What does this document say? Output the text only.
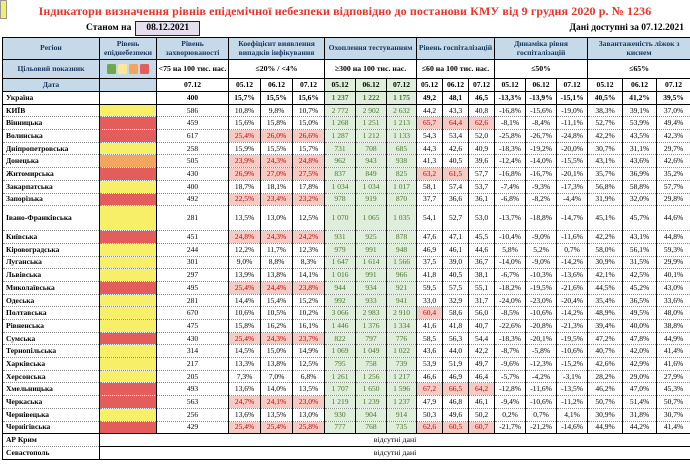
Індикатори визначення рівнів епідемічної небезпеки відповідно до постанови КМУ від 9 грудня 2020 р. № 1236
Станом на	08.12.2021	Дані доступні за 07.12.2021
Регіон	Рівень епіднебезпеки	Рівень захворюваності	Коефіцієнт виявлення випадків інфікування			Охоплення тестуванням			Рівень госпіталізацій			Динаміка рівня госпіталізацій			Завантаженість ліжок з киснем		
Цільовий показник		<75 на 100 тис. нас.	≤20% / <4%			≥300 на 100 тис. нас.			≤60 на 100 тис. нас.			≤50%			≤65%		
Дата		07.12	05.12	06.12	07.12	05.12	06.12	07.12	05.12	06.12	07.12	05.12	06.12	07.12	05.12	06.12	07.12
Україна		400	15,7%	15,5%	15,6%	1 237	1 222	1 175	49,2	48,1	46,5	-13,3%	-13,9%	-15,1%	40,5%	41,2%	39,5%
КИЇВ		586	10,8%	9,8%	10,7%	2 772	2 902	2 632	44,2	43,3	40,8	-16,8%	-15,6%	-19,0%	38,3%	39,1%	37,0%
Вінницька		459	15,6%	15,8%	15,0%	1 268	1 251	1 213	65,7	64,4	62,6	-8,1%	-8,4%	-11,1%	52,7%	53,9%	49,4%
Волинська		617	25,4%	26,0%	26,6%	1 287	1 212	1 133	54,3	53,4	52,0	-25,8%	-26,7%	-24,8%	42,2%	43,5%	42,3%
Дніпропетровська		258	15,9%	15,5%	15,7%	731	708	685	44,3	42,6	40,9	-18,3%	-19,2%	-20,0%	30,7%	31,1%	29,7%
Донецька		505	23,9%	24,3%	24,8%	962	943	938	41,3	40,5	39,6	-12,4%	-14,0%	-15,5%	43,1%	43,6%	42,6%
Житомирська		430	26,9%	27,0%	27,5%	837	849	825	63,2	61,5	57,7	-16,8%	-16,7%	-20,1%	35,7%	36,9%	35,2%
Закарпатська		400	18,7%	18,1%	17,8%	1 034	1 034	1 017	58,1	57,4	53,7	-7,4%	-9,3%	-17,3%	56,8%	58,8%	57,7%
Запорізька		492	22,5%	23,4%	23,2%	978	919	870	37,7	36,6	36,1	-6,8%	-8,2%	-4,4%	31,9%	32,0%	29,8%
Івано-Франківська		281	13,5%	13,0%	12,5%	1 070	1 065	1 035	54,1	52,7	53,0	-13,7%	-18,8%	-14,7%	45,1%	45,7%	44,6%
Київська		451	24,8%	24,3%	24,2%	931	925	878	47,6	47,1	45,5	-10,4%	-9,0%	-11,6%	42,2%	43,1%	44,8%
Кіровоградська		244	12,2%	11,7%	12,3%	979	991	948	46,9	46,1	44,6	5,8%	5,2%	0,7%	58,0%	56,1%	59,3%
Луганська		301	9,0%	8,8%	8,3%	1 647	1 614	1 566	37,5	39,0	36,7	-14,0%	-9,0%	-14,2%	30,9%	31,5%	29,9%
Львівська		297	13,9%	13,8%	14,1%	1 016	991	966	41,8	40,5	38,1	-6,7%	-10,3%	-13,6%	42,1%	42,5%	40,1%
Миколаївська		495	25,4%	24,4%	23,8%	944	934	921	59,5	57,5	55,1	-18,2%	-19,5%	-21,6%	44,5%	45,2%	43,0%
Одеська		281	14,4%	15,4%	15,2%	992	933	941	33,0	32,9	31,7	-24,0%	-23,0%	-20,4%	35,4%	36,5%	33,6%
Полтавська		670	10,6%	10,5%	10,2%	3 066	2 983	2 910	60,4	58,6	56,0	-8,5%	-10,6%	-14,2%	48,9%	49,5%	48,0%
Рівненська		475	15,8%	16,2%	16,1%	1 446	1 376	1 334	41,6	41,8	40,7	-22,6%	-20,8%	-21,3%	39,4%	40,0%	38,8%
Сумська		430	25,4%	24,3%	23,7%	822	797	776	58,5	56,3	54,4	-18,3%	-20,1%	-19,5%	47,2%	47,8%	44,9%
Тернопільська		314	14,5%	15,0%	14,9%	1 069	1 049	1 022	43,6	44,0	42,2	-8,7%	-5,8%	-10,6%	40,7%	42,0%	41,4%
Харківська		217	13,3%	13,8%	12,5%	795	758	739	53,9	51,9	49,7	-9,6%	-12,3%	-15,2%	42,6%	42,9%	41,6%
Херсонська		205	7,3%	7,0%	6,8%	1 261	1 256	1 217	46,6	46,9	46,4	-5,7%	-4,2%	-3,1%	28,2%	29,0%	27,9%
Хмельницька		493	13,6%	14,0%	13,5%	1 707	1 650	1 596	67,2	66,5	64,2	-12,8%	-11,6%	-13,5%	46,2%	47,0%	45,3%
Черкаська		563	24,7%	24,1%	23,0%	1 219	1 239	1 237	47,9	46,8	46,1	-9,4%	-10,6%	-11,2%	50,7%	51,4%	50,7%
Чернівецька		256	13,6%	13,5%	13,0%	930	904	914	50,3	49,6	50,2	0,2%	0,7%	4,1%	30,9%	31,8%	30,7%
Чернігівська		429	25,4%	25,4%	25,8%	777	768	735	62,6	60,5	60,7	-21,7%	-21,2%	-14,6%	44,9%	44,2%	41,4%
АР Крим	відсутні дані																
Севастополь	відсутні дані																
